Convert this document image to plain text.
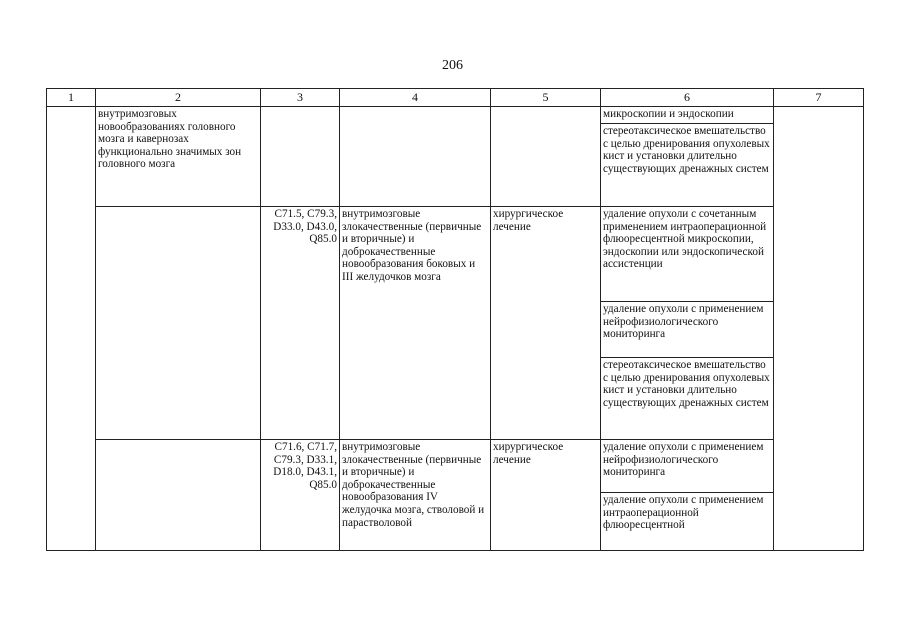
206
1	2	3	4	5	6	7
	внутримозговых новообразованиях головного мозга и кавернозах функционально значимых зон головного мозга				микроскопии и эндоскопии	
					стереотаксическое вмешательство с целью дренирования опухолевых кист и установки длительно существующих дренажных систем	
		C71.5, C79.3, D33.0, D43.0, Q85.0	внутримозговые злокачественные (первичные и вторичные) и доброкачественные новообразования боковых и III желудочков мозга	хирургическое лечение	удаление опухоли с сочетанным применением интраоперационной флюоресцентной микроскопии, эндоскопии или эндоскопической ассистенции	
					удаление опухоли с применением нейрофизиологического мониторинга	
					стереотаксическое вмешательство с целью дренирования опухолевых кист и установки длительно существующих дренажных систем	
		C71.6, C71.7, C79.3, D33.1, D18.0, D43.1, Q85.0	внутримозговые злокачественные (первичные и вторичные) и доброкачественные новообразования IV желудочка мозга, стволовой и парастволовой	хирургическое лечение	удаление опухоли с применением нейрофизиологического мониторинга	
					удаление опухоли с применением интраоперационной флюоресцентной	
